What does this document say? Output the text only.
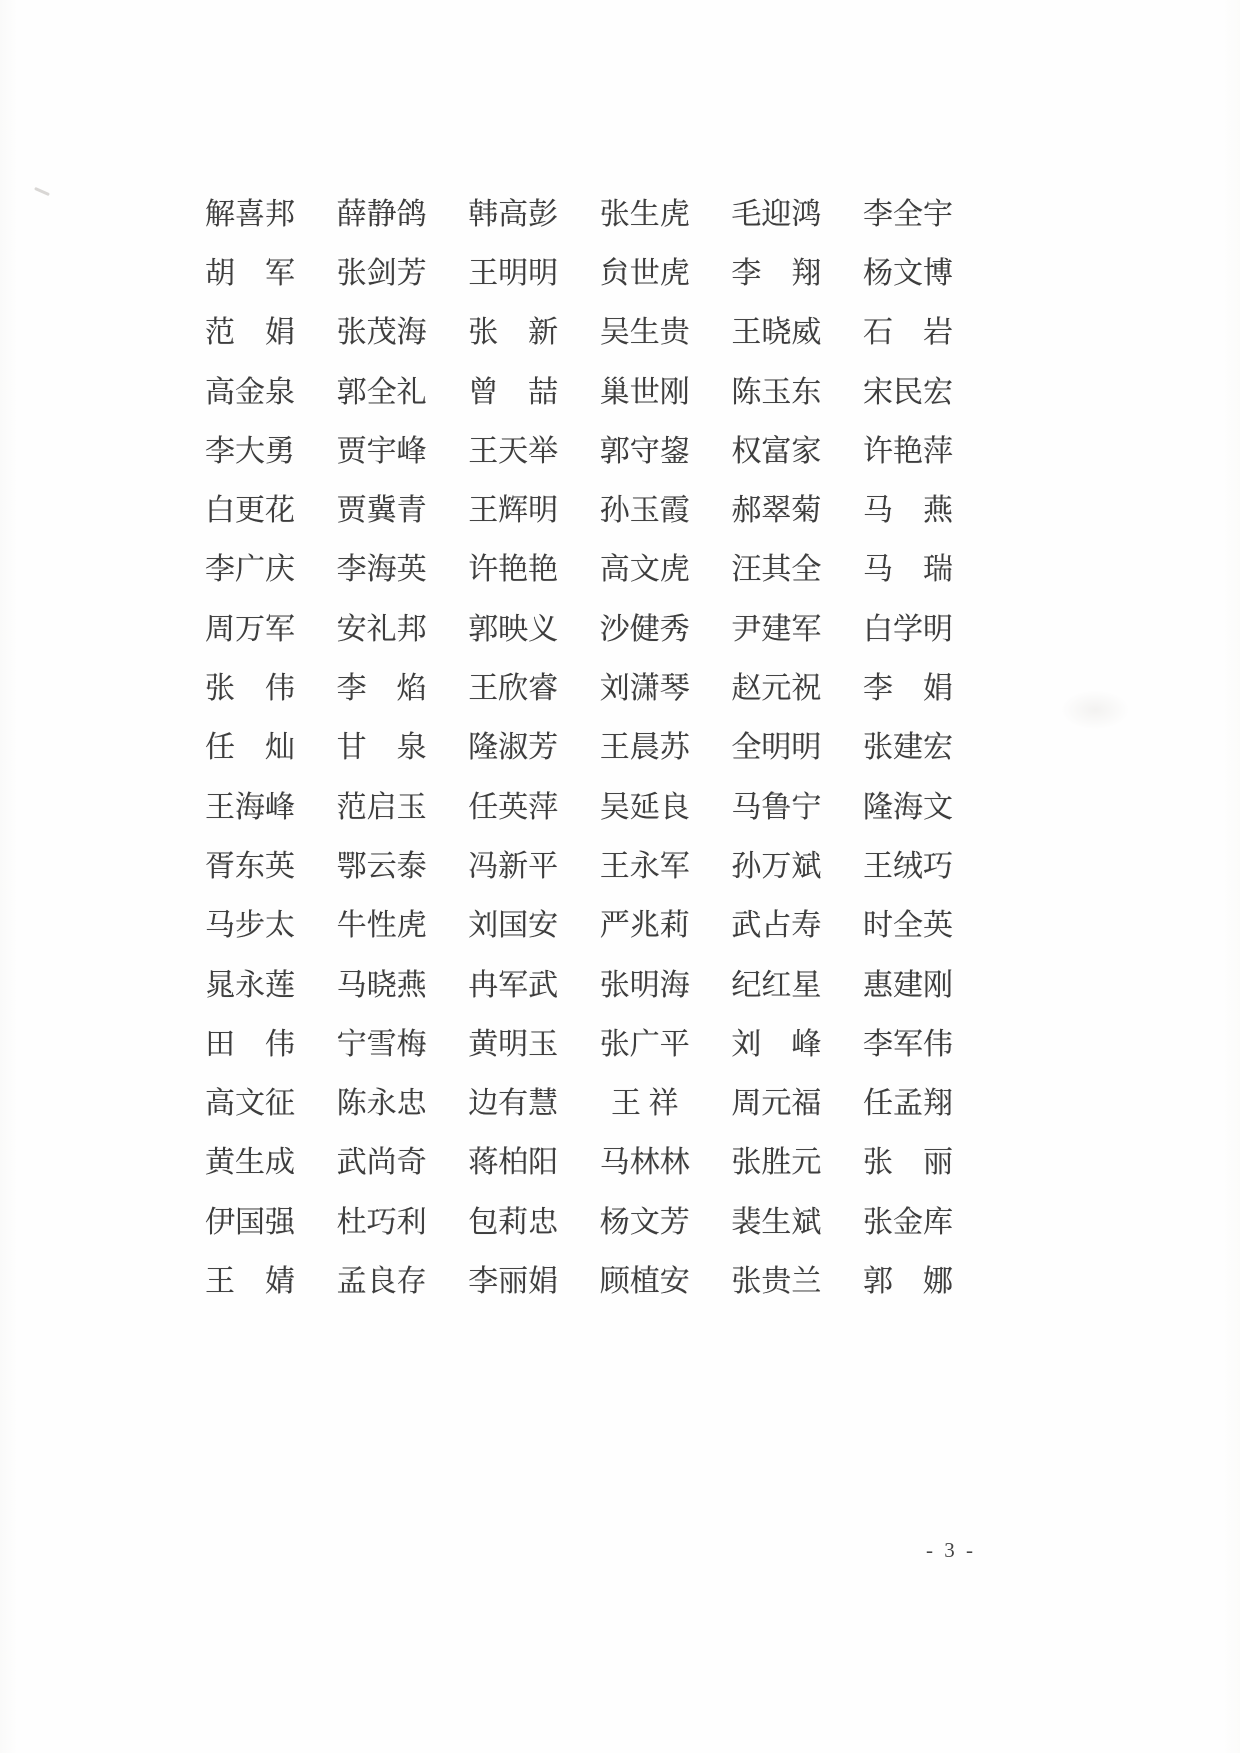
解喜邦 薛静鸽 韩高彭 张生虎 毛迎鸿 李全宇
胡　军 张剑芳 王明明 贠世虎 李　翔 杨文博
范　娟 张茂海 张　新 吴生贵 王晓威 石　岩
高金泉 郭全礼 曾　喆 巢世刚 陈玉东 宋民宏
李大勇 贾宇峰 王天举 郭守鋆 权富家 许艳萍
白更花 贾冀青 王辉明 孙玉霞 郝翠菊 马　燕
李广庆 李海英 许艳艳 高文虎 汪其全 马　瑞
周万军 安礼邦 郭映义 沙健秀 尹建军 白学明
张　伟 李　焰 王欣睿 刘潇琴 赵元祝 李　娟
任　灿 甘　泉 隆淑芳 王晨苏 全明明 张建宏
王海峰 范启玉 任英萍 吴延良 马鲁宁 隆海文
胥东英 鄂云泰 冯新平 王永军 孙万斌 王绒巧
马步太 牛性虎 刘国安 严兆莉 武占寿 时全英
晁永莲 马晓燕 冉军武 张明海 纪红星 惠建刚
田　伟 宁雪梅 黄明玉 张广平 刘　峰 李军伟
高文征 陈永忠 边有慧	王 祥	周元福 任孟翔
黄生成 武尚奇 蒋柏阳 马林林 张胜元 张　丽
伊国强 杜巧利 包莉忠 杨文芳 裴生斌 张金库
王　婧 孟良存 李丽娟 顾植安 张贵兰 郭　娜
- 3 -
